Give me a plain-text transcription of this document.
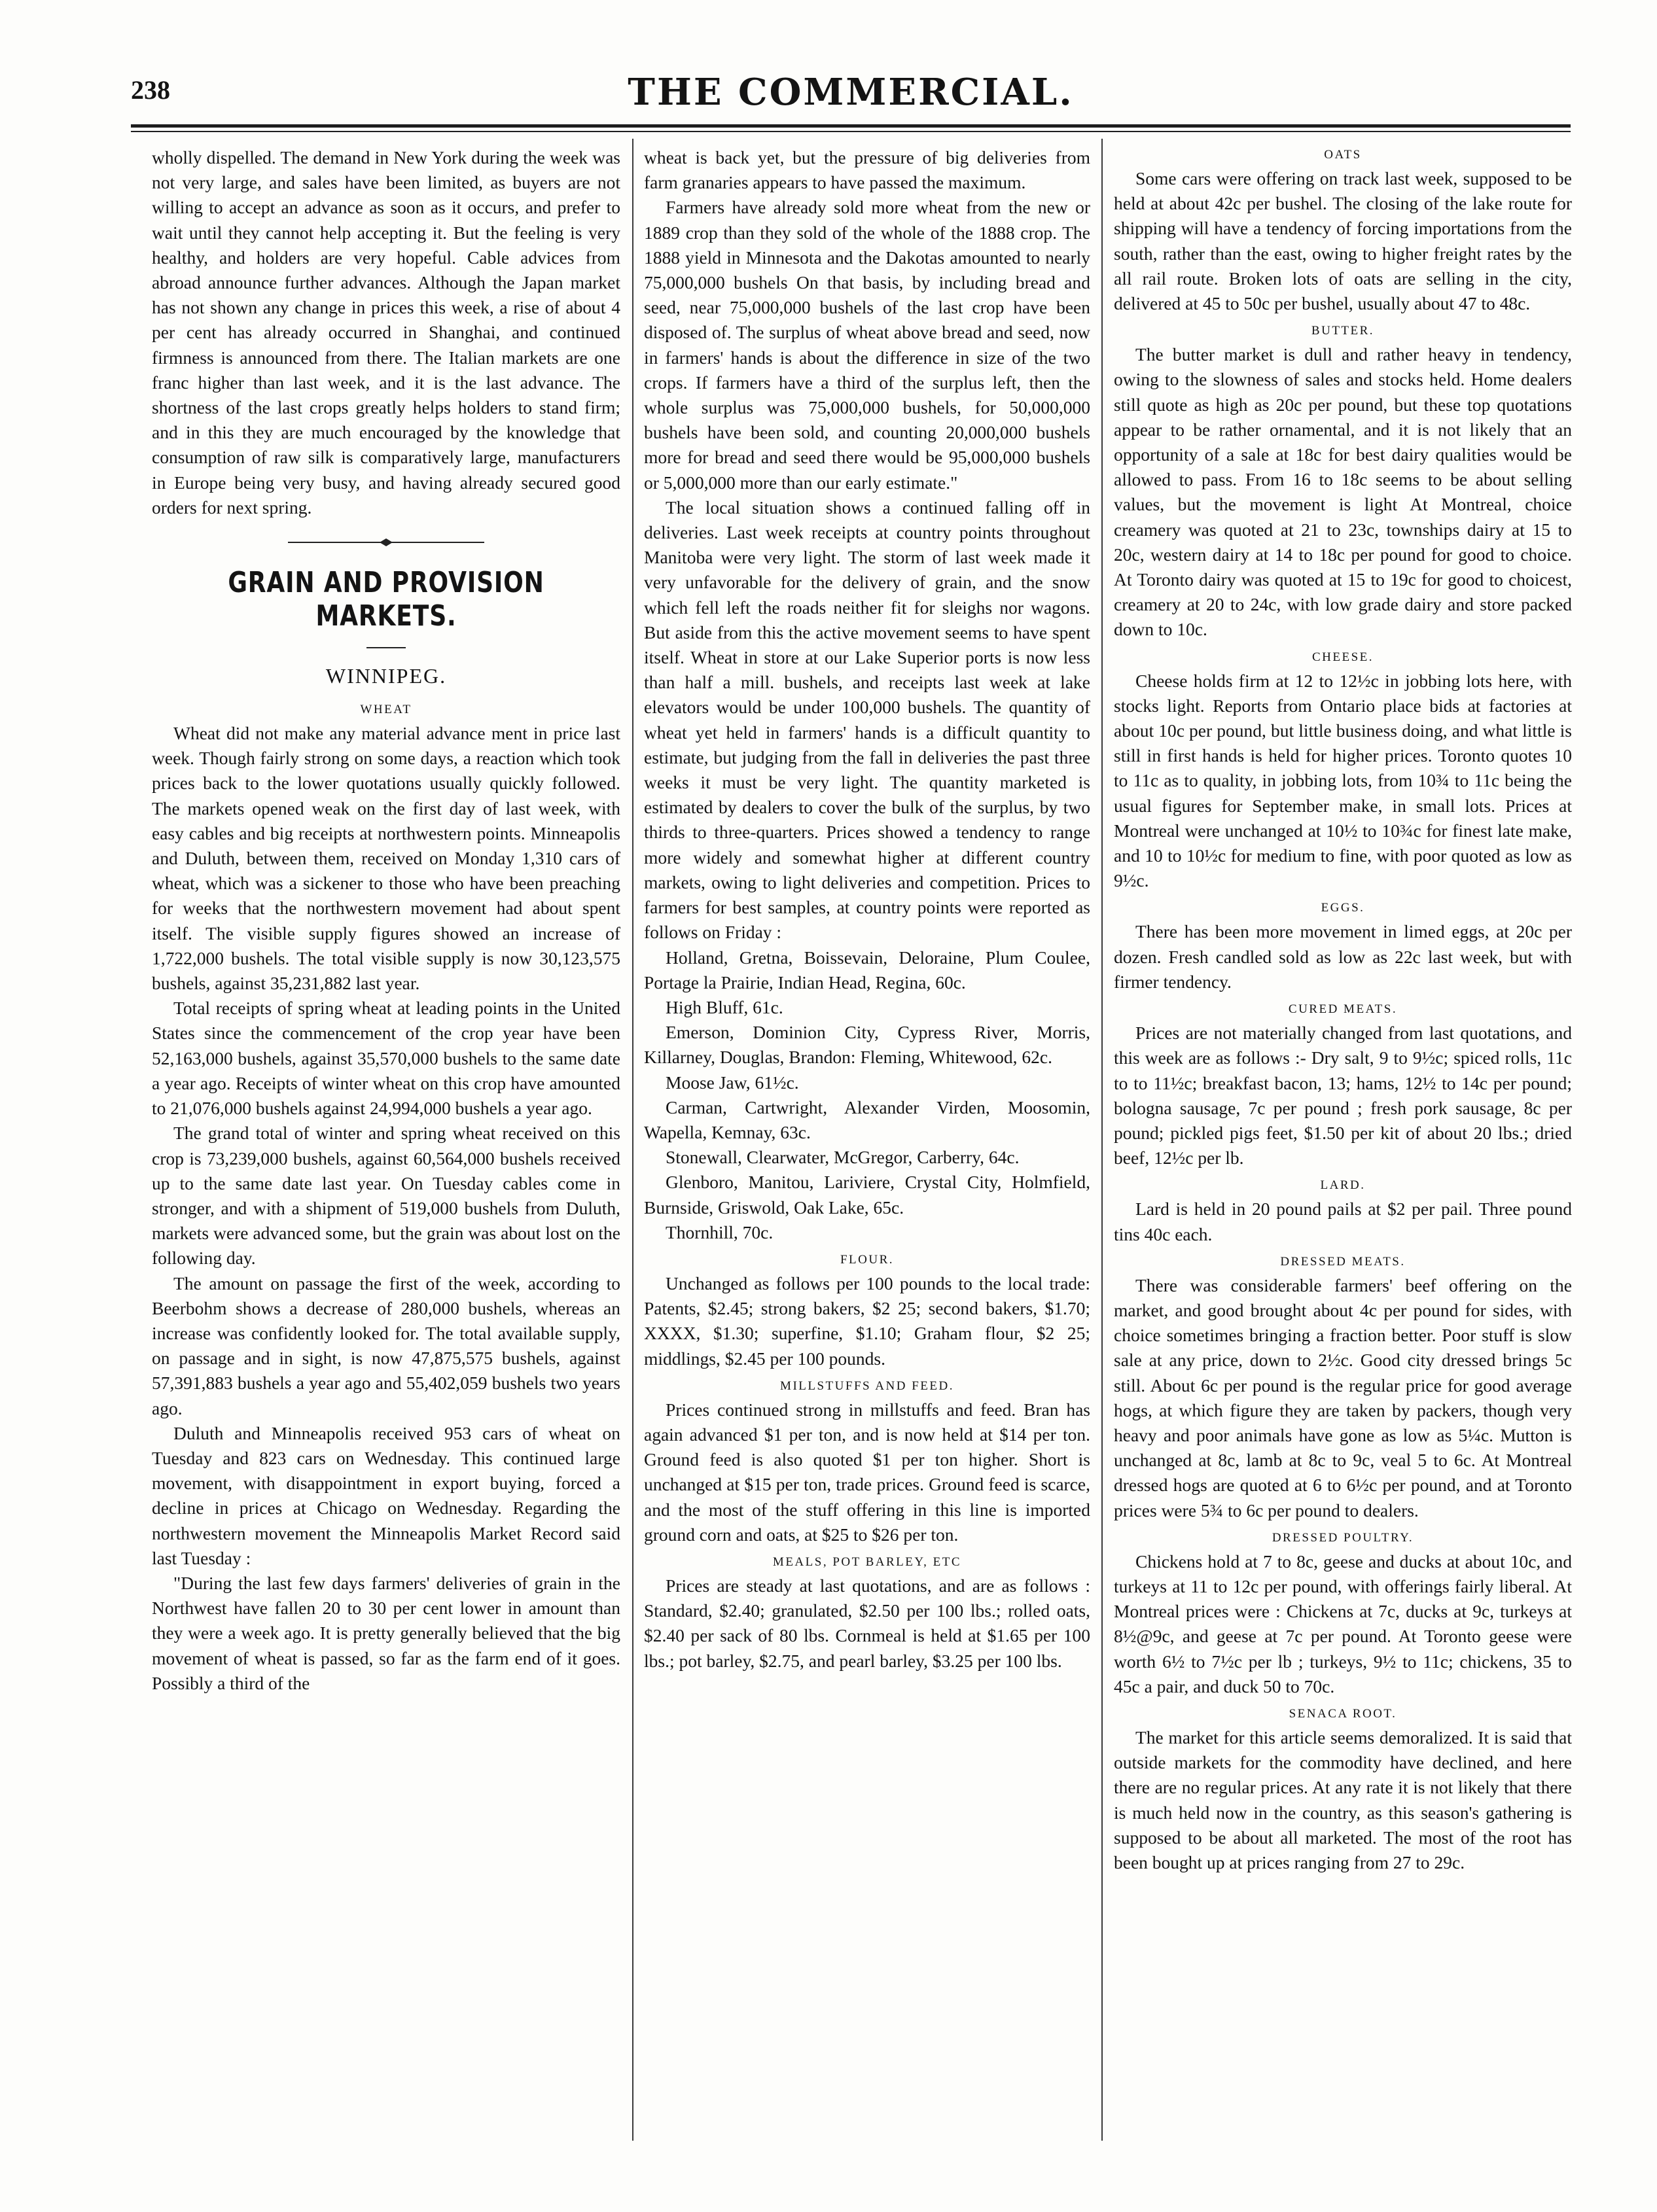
238	THE COMMERCIAL.

wholly dispelled. The demand in New York during the week was not very large, and sales have been limited, as buyers are not willing to accept an advance as soon as it occurs, and prefer to wait until they cannot help accepting it. But the feeling is very healthy, and holders are very hopeful. Cable advices from abroad announce further advances. Although the Japan market has not shown any change in prices this week, a rise of about 4 per cent has already occurred in Shanghai, and continued firmness is announced from there. The Italian markets are one franc higher than last week, and it is the last advance. The shortness of the last crops greatly helps holders to stand firm; and in this they are much encouraged by the knowledge that consumption of raw silk is comparatively large, manufacturers in Europe being very busy, and having already secured good orders for next spring.

GRAIN AND PROVISION MARKETS.
WINNIPEG.
WHEAT

Wheat did not make any material advance ment in price last week. Though fairly strong on some days, a reaction which took prices back to the lower quotations usually quickly followed. The markets opened weak on the first day of last week, with easy cables and big receipts at northwestern points. Minneapolis and Duluth, between them, received on Monday 1,310 cars of wheat, which was a sickener to those who have been preaching for weeks that the northwestern movement had about spent itself. The visible supply figures showed an increase of 1,722,000 bushels. The total visible supply is now 30,123,575 bushels, against 35,231,882 last year.

Total receipts of spring wheat at leading points in the United States since the commencement of the crop year have been 52,163,000 bushels, against 35,570,000 bushels to the same date a year ago. Receipts of winter wheat on this crop have amounted to 21,076,000 bushels against 24,994,000 bushels a year ago.

The grand total of winter and spring wheat received on this crop is 73,239,000 bushels, against 60,564,000 bushels received up to the same date last year. On Tuesday cables come in stronger, and with a shipment of 519,000 bushels from Duluth, markets were advanced some, but the grain was about lost on the following day.

The amount on passage the first of the week, according to Beerbohm shows a decrease of 280,000 bushels, whereas an increase was confidently looked for. The total available supply, on passage and in sight, is now 47,875,575 bushels, against 57,391,883 bushels a year ago and 55,402,059 bushels two years ago.

Duluth and Minneapolis received 953 cars of wheat on Tuesday and 823 cars on Wednesday. This continued large movement, with disappointment in export buying, forced a decline in prices at Chicago on Wednesday. Regarding the northwestern movement the Minneapolis Market Record said last Tuesday :

"During the last few days farmers' deliveries of grain in the Northwest have fallen 20 to 30 per cent lower in amount than they were a week ago. It is pretty generally believed that the big movement of wheat is passed, so far as the farm end of it goes. Possibly a third of the

wheat is back yet, but the pressure of big deliveries from farm granaries appears to have passed the maximum.

Farmers have already sold more wheat from the new or 1889 crop than they sold of the whole of the 1888 crop. The 1888 yield in Minnesota and the Dakotas amounted to nearly 75,000,000 bushels On that basis, by including bread and seed, near 75,000,000 bushels of the last crop have been disposed of. The surplus of wheat above bread and seed, now in farmers' hands is about the difference in size of the two crops. If farmers have a third of the surplus left, then the whole surplus was 75,000,000 bushels, for 50,000,000 bushels have been sold, and counting 20,000,000 bushels more for bread and seed there would be 95,000,000 bushels or 5,000,000 more than our early estimate."

The local situation shows a continued falling off in deliveries. Last week receipts at country points throughout Manitoba were very light. The storm of last week made it very unfavorable for the delivery of grain, and the snow which fell left the roads neither fit for sleighs nor wagons. But aside from this the active movement seems to have spent itself. Wheat in store at our Lake Superior ports is now less than half a mill. bushels, and receipts last week at lake elevators would be under 100,000 bushels. The quantity of wheat yet held in farmers' hands is a difficult quantity to estimate, but judging from the fall in deliveries the past three weeks it must be very light. The quantity marketed is estimated by dealers to cover the bulk of the surplus, by two thirds to three-quarters. Prices showed a tendency to range more widely and somewhat higher at different country markets, owing to light deliveries and competition. Prices to farmers for best samples, at country points were reported as follows on Friday :

Holland, Gretna, Boissevain, Deloraine, Plum Coulee, Portage la Prairie, Indian Head, Regina, 60c.

High Bluff, 61c.

Emerson, Dominion City, Cypress River, Morris, Killarney, Douglas, Brandon: Fleming, Whitewood, 62c.

Moose Jaw, 61½c.

Carman, Cartwright, Alexander Virden, Moosomin, Wapella, Kemnay, 63c.

Stonewall, Clearwater, McGregor, Carberry, 64c.

Glenboro, Manitou, Lariviere, Crystal City, Holmfield, Burnside, Griswold, Oak Lake, 65c.

Thornhill, 70c.

FLOUR.

Unchanged as follows per 100 pounds to the local trade: Patents, $2.45; strong bakers, $2 25; second bakers, $1.70; XXXX, $1.30; superfine, $1.10; Graham flour, $2 25; middlings, $2.45 per 100 pounds.

MILLSTUFFS AND FEED.

Prices continued strong in millstuffs and feed. Bran has again advanced $1 per ton, and is now held at $14 per ton. Ground feed is also quoted $1 per ton higher. Short is unchanged at $15 per ton, trade prices. Ground feed is scarce, and the most of the stuff offering in this line is imported ground corn and oats, at $25 to $26 per ton.

MEALS, POT BARLEY, ETC

Prices are steady at last quotations, and are as follows : Standard, $2.40; granulated, $2.50 per 100 lbs.; rolled oats, $2.40 per sack of 80 lbs. Cornmeal is held at $1.65 per 100 lbs.; pot barley, $2.75, and pearl barley, $3.25 per 100 lbs.

OATS

Some cars were offering on track last week, supposed to be held at about 42c per bushel. The closing of the lake route for shipping will have a tendency of forcing importations from the south, rather than the east, owing to higher freight rates by the all rail route. Broken lots of oats are selling in the city, delivered at 45 to 50c per bushel, usually about 47 to 48c.

BUTTER.

The butter market is dull and rather heavy in tendency, owing to the slowness of sales and stocks held. Home dealers still quote as high as 20c per pound, but these top quotations appear to be rather ornamental, and it is not likely that an opportunity of a sale at 18c for best dairy qualities would be allowed to pass. From 16 to 18c seems to be about selling values, but the movement is light At Montreal, choice creamery was quoted at 21 to 23c, townships dairy at 15 to 20c, western dairy at 14 to 18c per pound for good to choice. At Toronto dairy was quoted at 15 to 19c for good to choicest, creamery at 20 to 24c, with low grade dairy and store packed down to 10c.

CHEESE.

Cheese holds firm at 12 to 12½c in jobbing lots here, with stocks light. Reports from Ontario place bids at factories at about 10c per pound, but little business doing, and what little is still in first hands is held for higher prices. Toronto quotes 10 to 11c as to quality, in jobbing lots, from 10¾ to 11c being the usual figures for September make, in small lots. Prices at Montreal were unchanged at 10½ to 10¾c for finest late make, and 10 to 10½c for medium to fine, with poor quoted as low as 9½c.

EGGS.

There has been more movement in limed eggs, at 20c per dozen. Fresh candled sold as low as 22c last week, but with firmer tendency.

CURED MEATS.

Prices are not materially changed from last quotations, and this week are as follows :- Dry salt, 9 to 9½c; spiced rolls, 11c to to 11½c; breakfast bacon, 13; hams, 12½ to 14c per pound; bologna sausage, 7c per pound ; fresh pork sausage, 8c per pound; pickled pigs feet, $1.50 per kit of about 20 lbs.; dried beef, 12½c per lb.

LARD.

Lard is held in 20 pound pails at $2 per pail. Three pound tins 40c each.

DRESSED MEATS.

There was considerable farmers' beef offering on the market, and good brought about 4c per pound for sides, with choice sometimes bringing a fraction better. Poor stuff is slow sale at any price, down to 2½c. Good city dressed brings 5c still. About 6c per pound is the regular price for good average hogs, at which figure they are taken by packers, though very heavy and poor animals have gone as low as 5¼c. Mutton is unchanged at 8c, lamb at 8c to 9c, veal 5 to 6c. At Montreal dressed hogs are quoted at 6 to 6½c per pound, and at Toronto prices were 5¾ to 6c per pound to dealers.

DRESSED POULTRY.

Chickens hold at 7 to 8c, geese and ducks at about 10c, and turkeys at 11 to 12c per pound, with offerings fairly liberal. At Montreal prices were : Chickens at 7c, ducks at 9c, turkeys at 8½@9c, and geese at 7c per pound. At Toronto geese were worth 6½ to 7½c per lb ; turkeys, 9½ to 11c; chickens, 35 to 45c a pair, and duck 50 to 70c.

SENACA ROOT.

The market for this article seems demoralized. It is said that outside markets for the commodity have declined, and here there are no regular prices. At any rate it is not likely that there is much held now in the country, as this season's gathering is supposed to be about all marketed. The most of the root has been bought up at prices ranging from 27 to 29c.
